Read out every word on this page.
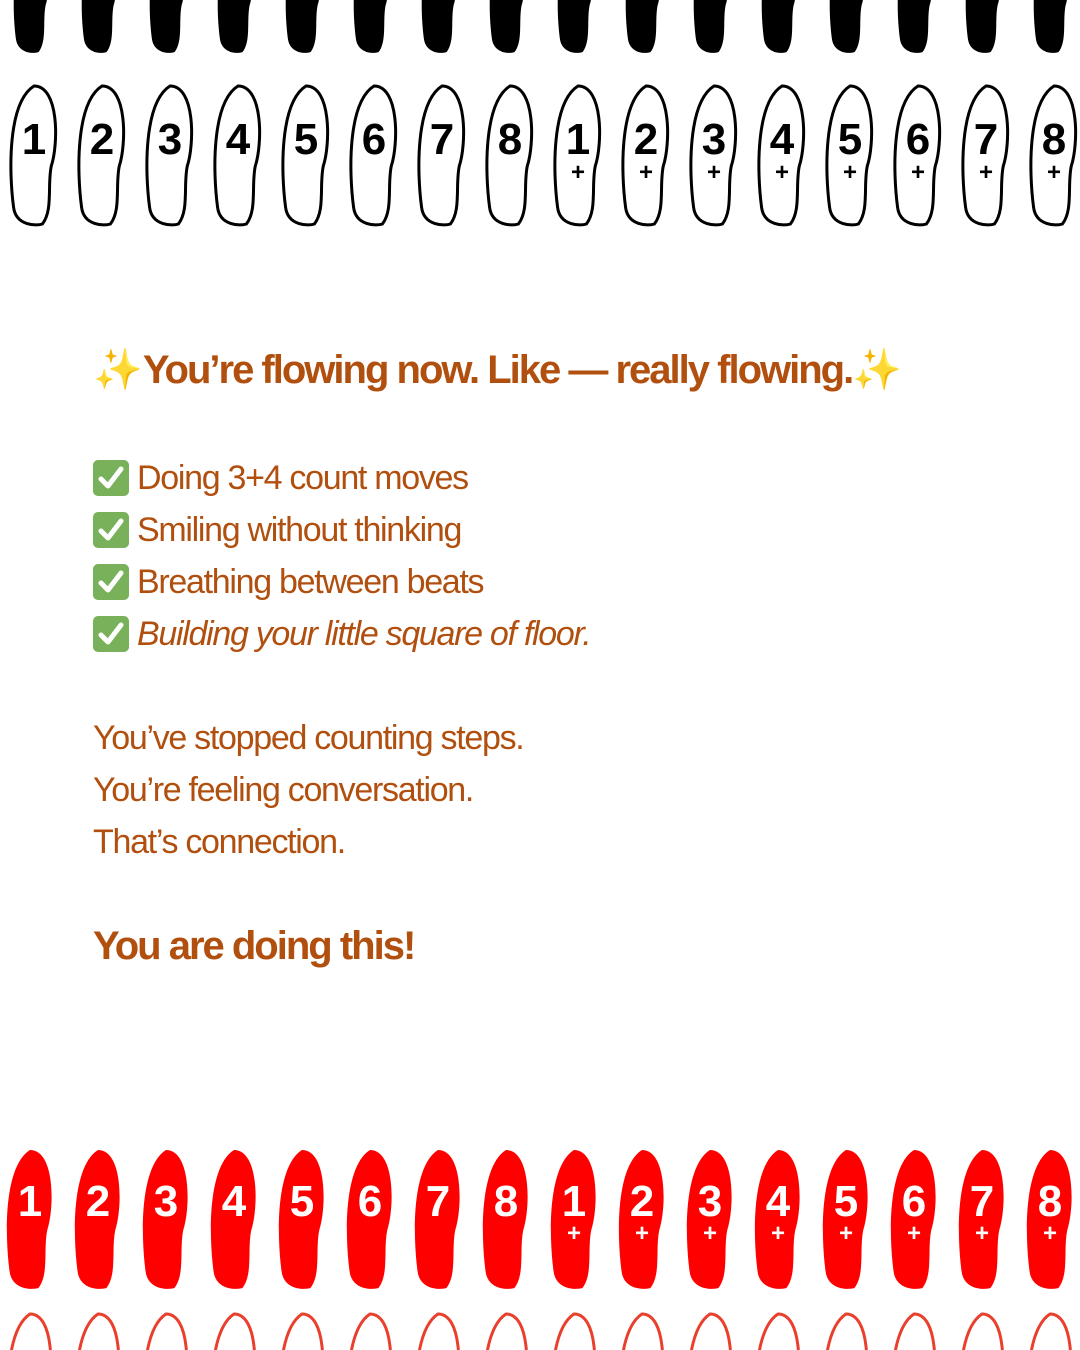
1 2 3 4 5 6 7 8 1
+
2
+
3
+
4
+
5
+
6
+
7
+
8
+

✨You’re flowing now. Like — really flowing.✨

Doing 3+4 count moves
Smiling without thinking
Breathing between beats
Building your little square of floor.

You’ve stopped counting steps.

You’re feeling conversation.

That’s connection.

You are doing this!

1 2 3 4 5 6 7 8 1
+
2
+
3
+
4
+
5
+
6
+
7
+
8
+
